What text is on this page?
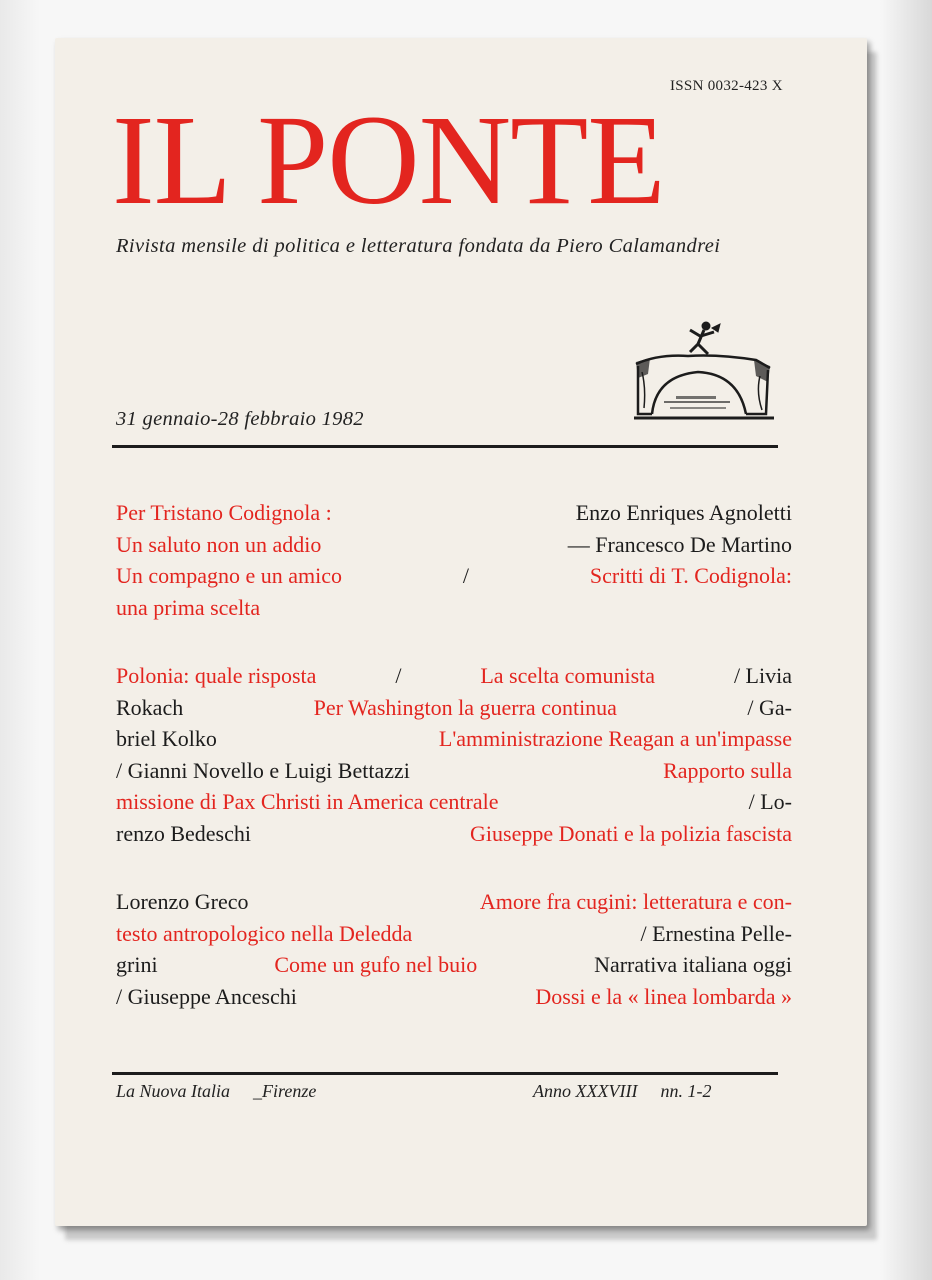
ISSN 0032-423 X
IL PONTE
Rivista mensile di politica e letteratura fondata da Piero Calamandrei
31 gennaio-28 febbraio 1982
Per Tristano Codignola :	Enzo Enriques Agnoletti
Un saluto non un addio	— Francesco De Martino
Un compagno e un amico	/	Scritti di T. Codignola:
una prima scelta
Polonia: quale risposta	/	La scelta comunista	/ Livia
Rokach	Per Washington la guerra continua	/ Ga-
briel Kolko	L'amministrazione Reagan a un'impasse
/ Gianni Novello e Luigi Bettazzi	Rapporto sulla
missione di Pax Christi in America centrale	/ Lo-
renzo Bedeschi	Giuseppe Donati e la polizia fascista
Lorenzo Greco	Amore fra cugini: letteratura e con-
testo antropologico nella Deledda	/ Ernestina Pelle-
grini	Come un gufo nel buio	Narrativa italiana oggi
/ Giuseppe Anceschi	Dossi e la « linea lombarda »
La Nuova Italia _Firenze	Anno XXXVIII nn. 1-2
